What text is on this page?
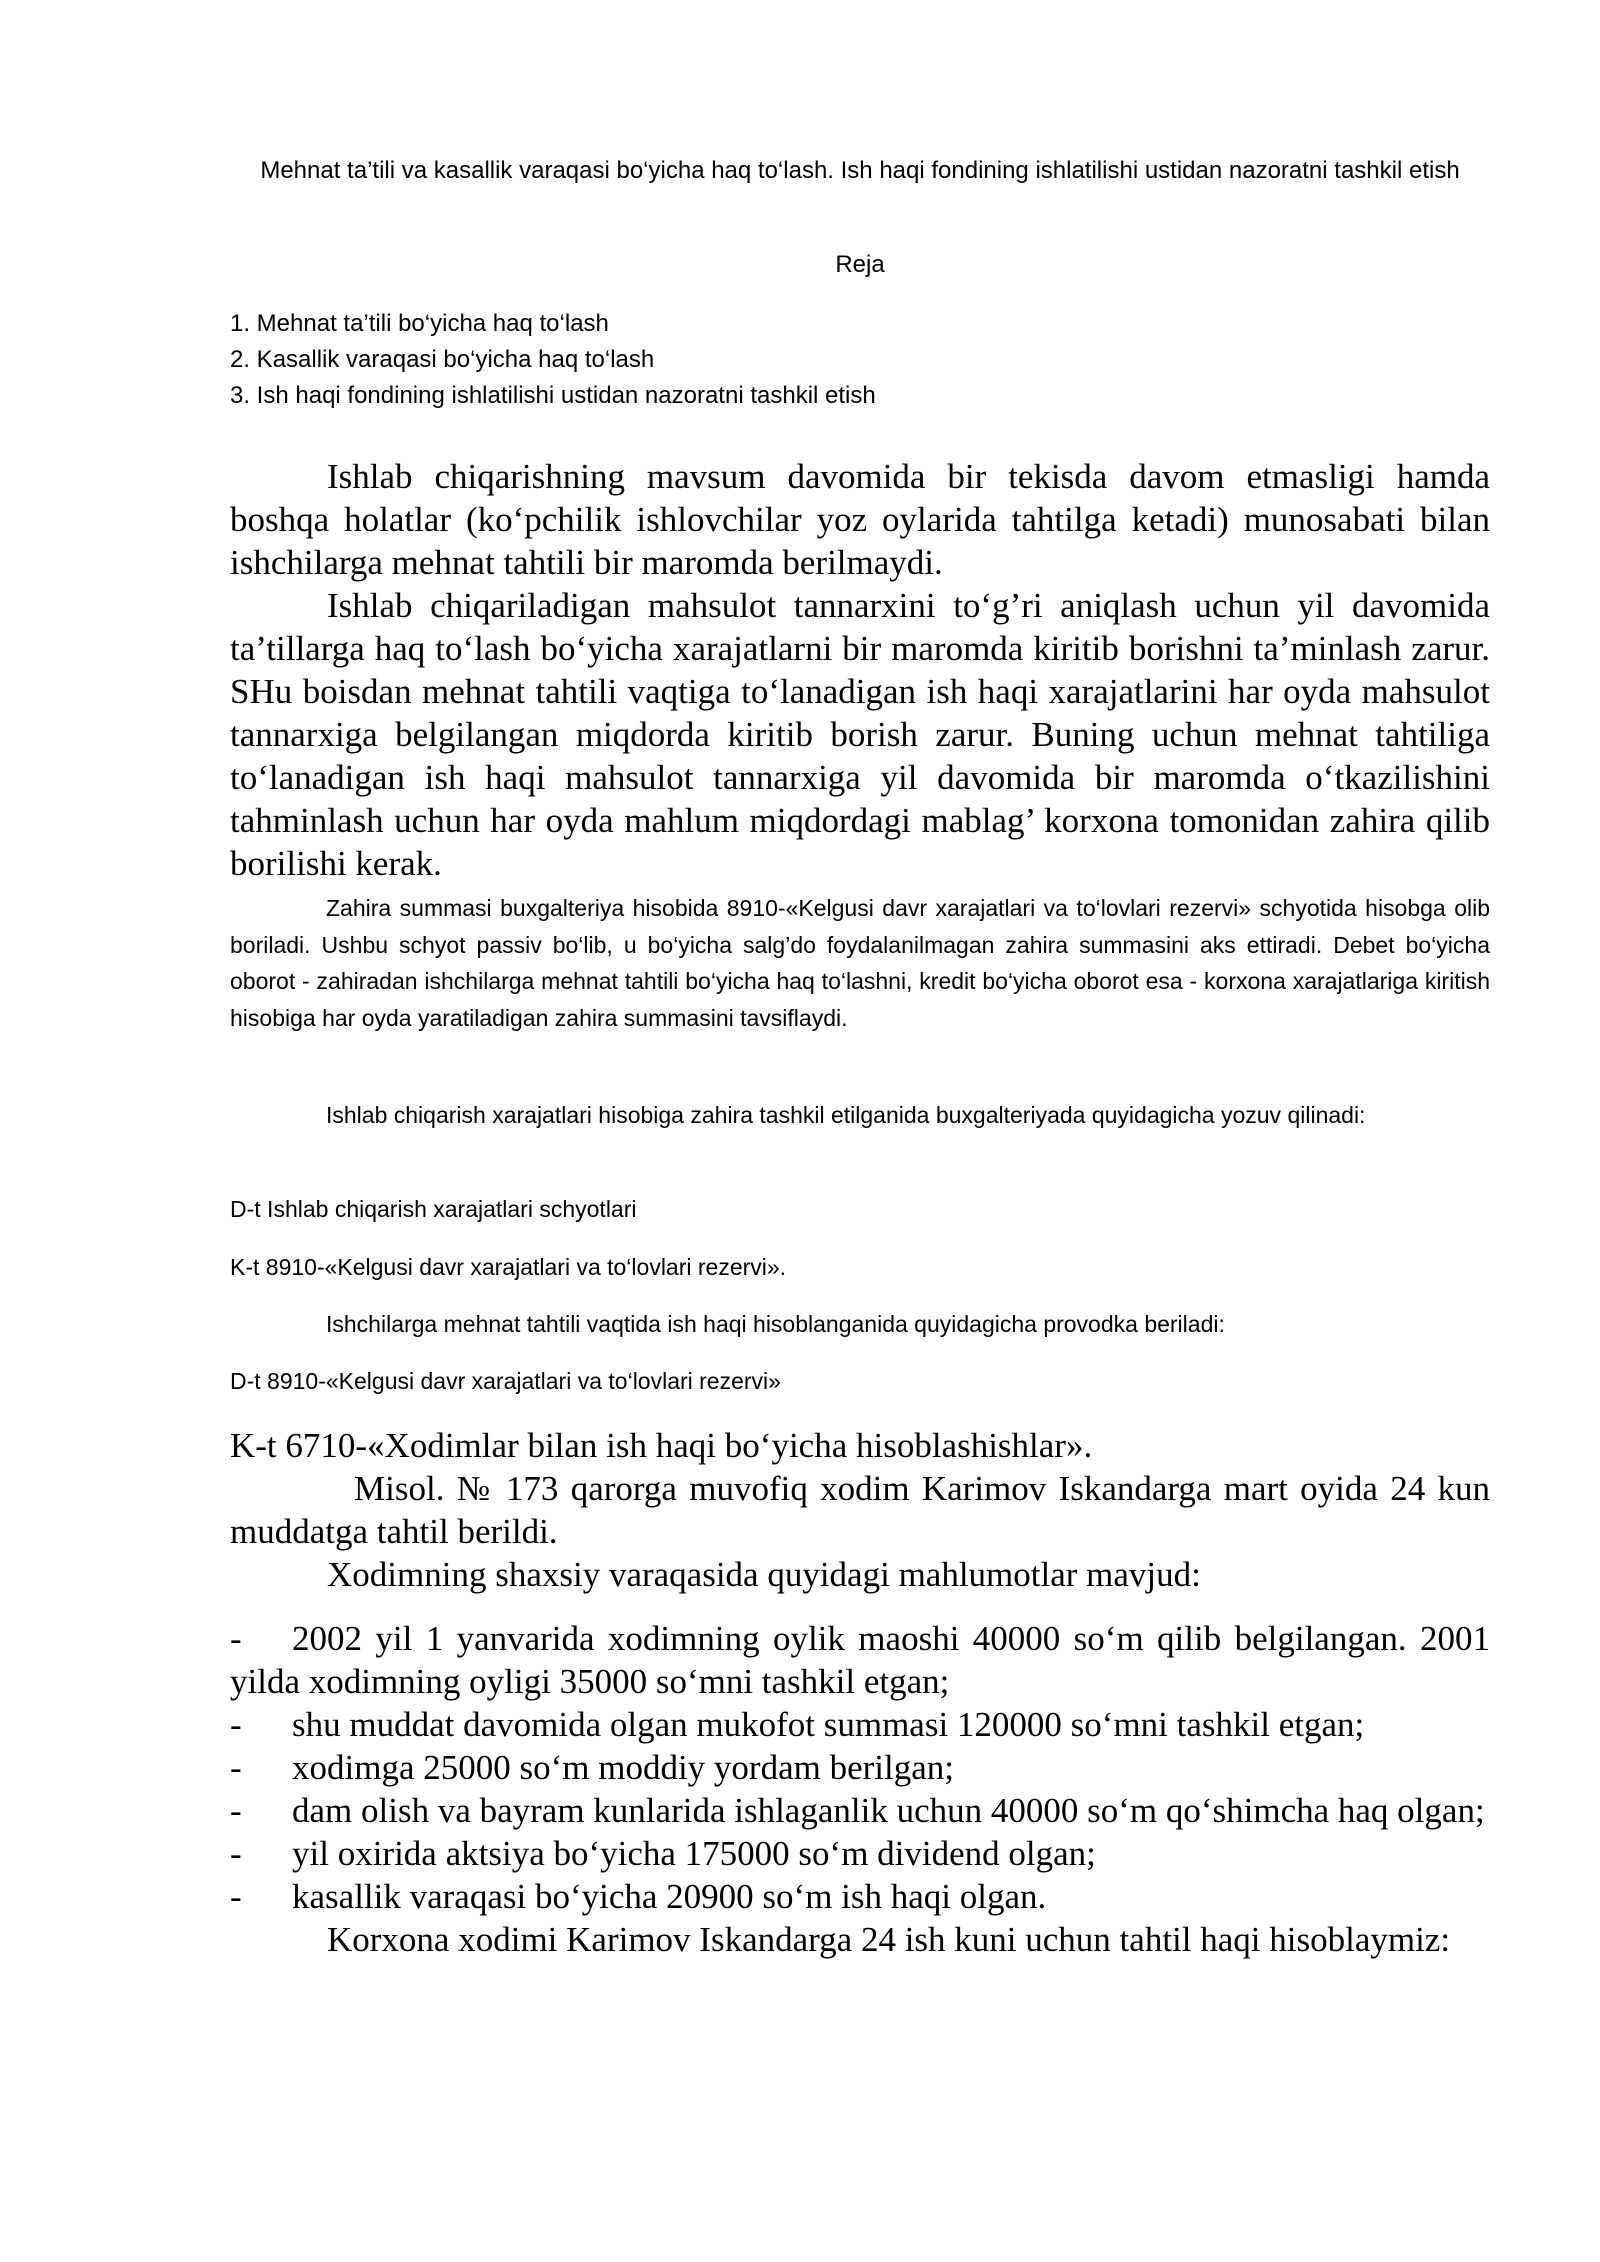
Mehnat ta’tili va kasallik varaqasi bo‘yicha haq to‘lash. Ish haqi fondining ishlatilishi ustidan nazoratni tashkil etish
Reja
1. Mehnat ta’tili bo‘yicha haq to‘lash
2. Kasallik varaqasi bo‘yicha haq to‘lash
3. Ish haqi fondining ishlatilishi ustidan nazoratni tashkil etish

Ishlab chiqarishning mavsum davomida bir tekisda davom etmasligi hamda boshqa holatlar (ko‘pchilik ishlovchilar yoz oylarida tahtilga ketadi) munosabati bilan ishchilarga mehnat tahtili bir maromda berilmaydi.

Ishlab chiqariladigan mahsulot tannarxini to‘g’ri aniqlash uchun yil davomida ta’tillarga haq to‘lash bo‘yicha xarajatlarni bir maromda kiritib borishni ta’minlash zarur. SHu boisdan mehnat tahtili vaqtiga to‘lanadigan ish haqi xarajatlarini har oyda mahsulot tannarxiga belgilangan miqdorda kiritib borish zarur. Buning uchun mehnat tahtiliga to‘lanadigan ish haqi mahsulot tannarxiga yil davomida bir maromda o‘tkazilishini tahminlash uchun har oyda mahlum miqdordagi mablag’ korxona tomonidan zahira qilib borilishi kerak.

Zahira summasi buxgalteriya hisobida 8910-«Kelgusi davr xarajatlari va to‘lovlari rezervi» schyotida hisobga olib boriladi. Ushbu schyot passiv bo‘lib, u bo‘yicha salg’do foydalanilmagan zahira summasini aks ettiradi. Debet bo‘yicha oborot - zahiradan ishchilarga mehnat tahtili bo‘yicha haq to‘lashni, kredit bo‘yicha oborot esa - korxona xarajatlariga kiritish hisobiga har oyda yaratiladigan zahira summasini tavsiflaydi.

Ishlab chiqarish xarajatlari hisobiga zahira tashkil etilganida buxgalteriyada quyidagicha yozuv qilinadi:

D-t Ishlab chiqarish xarajatlari schyotlari

K-t 8910-«Kelgusi davr xarajatlari va to‘lovlari rezervi».

Ishchilarga mehnat tahtili vaqtida ish haqi hisoblanganida quyidagicha provodka beriladi:

D-t 8910-«Kelgusi davr xarajatlari va to‘lovlari rezervi»

K-t 6710-«Xodimlar bilan ish haqi bo‘yicha hisoblashishlar».

Misol. № 173 qarorga muvofiq xodim Karimov Iskandarga mart oyida 24 kun muddatga tahtil berildi.

Xodimning shaxsiy varaqasida quyidagi mahlumotlar mavjud:

- 2002 yil 1 yanvarida xodimning oylik maoshi 40000 so‘m qilib belgilangan. 2001 yilda xodimning oyligi 35000 so‘mni tashkil etgan;
- shu muddat davomida olgan mukofot summasi 120000 so‘mni tashkil etgan;
- xodimga 25000 so‘m moddiy yordam berilgan;
- dam olish va bayram kunlarida ishlaganlik uchun 40000 so‘m qo‘shimcha haq olgan;
- yil oxirida aktsiya bo‘yicha 175000 so‘m dividend olgan;
- kasallik varaqasi bo‘yicha 20900 so‘m ish haqi olgan.

Korxona xodimi Karimov Iskandarga 24 ish kuni uchun tahtil haqi hisoblaymiz:
